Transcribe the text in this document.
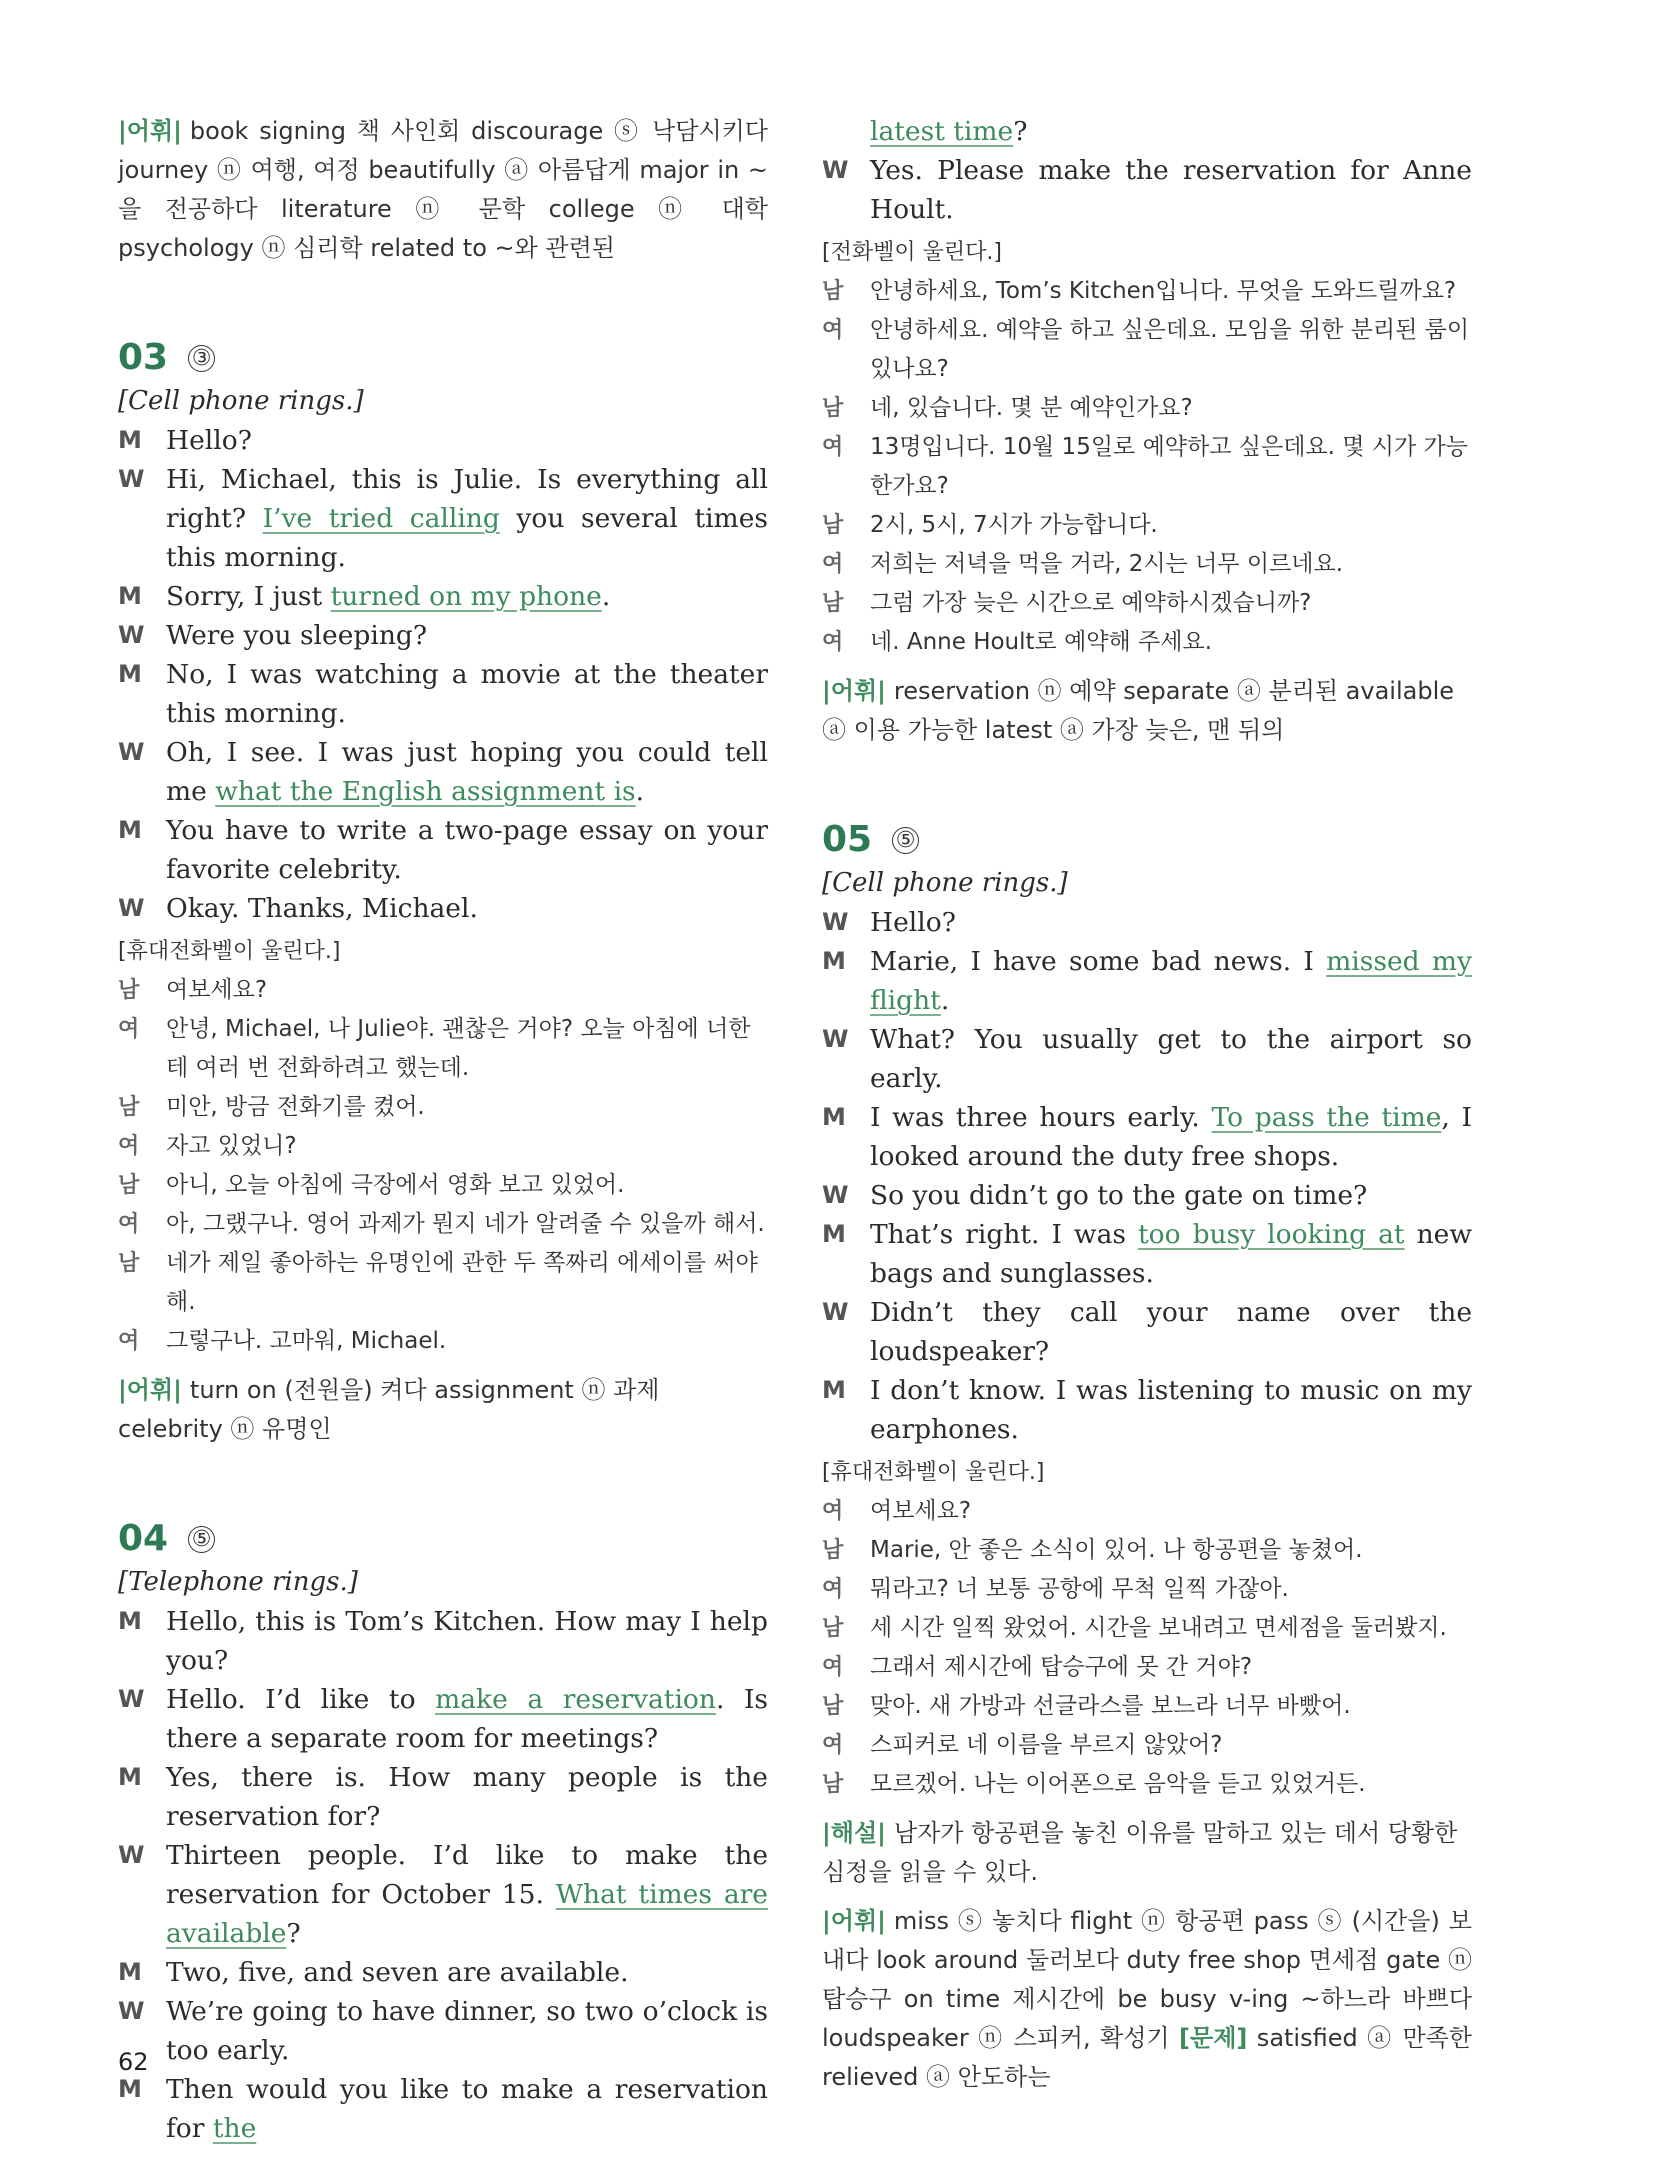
|어휘| book signing 책 사인회 discourage ⓢ 낙담시키다 journey ⓝ 여행, 여정 beautifully ⓐ 아름답게 major in ~을 전공하다 literature ⓝ 문학 college ⓝ 대학 psychology ⓝ 심리학 related to ~와 관련된

03 ③
[Cell phone rings.]
M Hello?
W Hi, Michael, this is Julie. Is everything all right? I’ve tried calling you several times this morning.
M Sorry, I just turned on my phone.
W Were you sleeping?
M No, I was watching a movie at the theater this morning.
W Oh, I see. I was just hoping you could tell me what the English assignment is.
M You have to write a two-page essay on your favorite celebrity.
W Okay. Thanks, Michael.
[휴대전화벨이 울린다.]
남	여보세요?
여	안녕, Michael, 나 Julie야. 괜찮은 거야? 오늘 아침에 너한테 여러 번 전화하려고 했는데.
남	미안, 방금 전화기를 켰어.
여	자고 있었니?
남	아니, 오늘 아침에 극장에서 영화 보고 있었어.
여	아, 그랬구나. 영어 과제가 뭔지 네가 알려줄 수 있을까 해서.
남	네가 제일 좋아하는 유명인에 관한 두 쪽짜리 에세이를 써야 해.
여	그렇구나. 고마워, Michael.

|어휘| turn on (전원을) 켜다 assignment ⓝ 과제 celebrity ⓝ 유명인

04 ⑤
[Telephone rings.]
M Hello, this is Tom’s Kitchen. How may I help you?
W Hello. I’d like to make a reservation. Is there a separate room for meetings?
M Yes, there is. How many people is the reservation for?
W Thirteen people. I’d like to make the reservation for October 15. What times are available?
M Two, five, and seven are available.
W We’re going to have dinner, so two o’clock is too early.
M Then would you like to make a reservation for the
latest time?
W Yes. Please make the reservation for Anne Hoult.
[전화벨이 울린다.]
남	안녕하세요, Tom’s Kitchen입니다. 무엇을 도와드릴까요?
여	안녕하세요. 예약을 하고 싶은데요. 모임을 위한 분리된 룸이 있나요?
남	네, 있습니다. 몇 분 예약인가요?
여	13명입니다. 10월 15일로 예약하고 싶은데요. 몇 시가 가능한가요?
남	2시, 5시, 7시가 가능합니다.
여	저희는 저녁을 먹을 거라, 2시는 너무 이르네요.
남	그럼 가장 늦은 시간으로 예약하시겠습니까?
여	네. Anne Hoult로 예약해 주세요.

|어휘| reservation ⓝ 예약 separate ⓐ 분리된 available ⓐ 이용 가능한 latest ⓐ 가장 늦은, 맨 뒤의

05 ⑤
[Cell phone rings.]
W Hello?
M Marie, I have some bad news. I missed my flight.
W What? You usually get to the airport so early.
M I was three hours early. To pass the time, I looked around the duty free shops.
W So you didn’t go to the gate on time?
M That’s right. I was too busy looking at new bags and sunglasses.
W Didn’t they call your name over the loudspeaker?
M I don’t know. I was listening to music on my earphones.
[휴대전화벨이 울린다.]
여	여보세요?
남	Marie, 안 좋은 소식이 있어. 나 항공편을 놓쳤어.
여	뭐라고? 너 보통 공항에 무척 일찍 가잖아.
남	세 시간 일찍 왔었어. 시간을 보내려고 면세점을 둘러봤지.
여	그래서 제시간에 탑승구에 못 간 거야?
남	맞아. 새 가방과 선글라스를 보느라 너무 바빴어.
여	스피커로 네 이름을 부르지 않았어?
남	모르겠어. 나는 이어폰으로 음악을 듣고 있었거든.

|해설| 남자가 항공편을 놓친 이유를 말하고 있는 데서 당황한 심정을 읽을 수 있다.

|어휘| miss ⓢ 놓치다 flight ⓝ 항공편 pass ⓢ (시간을) 보내다 look around 둘러보다 duty free shop 면세점 gate ⓝ 탑승구 on time 제시간에 be busy v-ing ~하느라 바쁘다 loudspeaker ⓝ 스피커, 확성기 [문제] satisfied ⓐ 만족한 relieved ⓐ 안도하는

62
